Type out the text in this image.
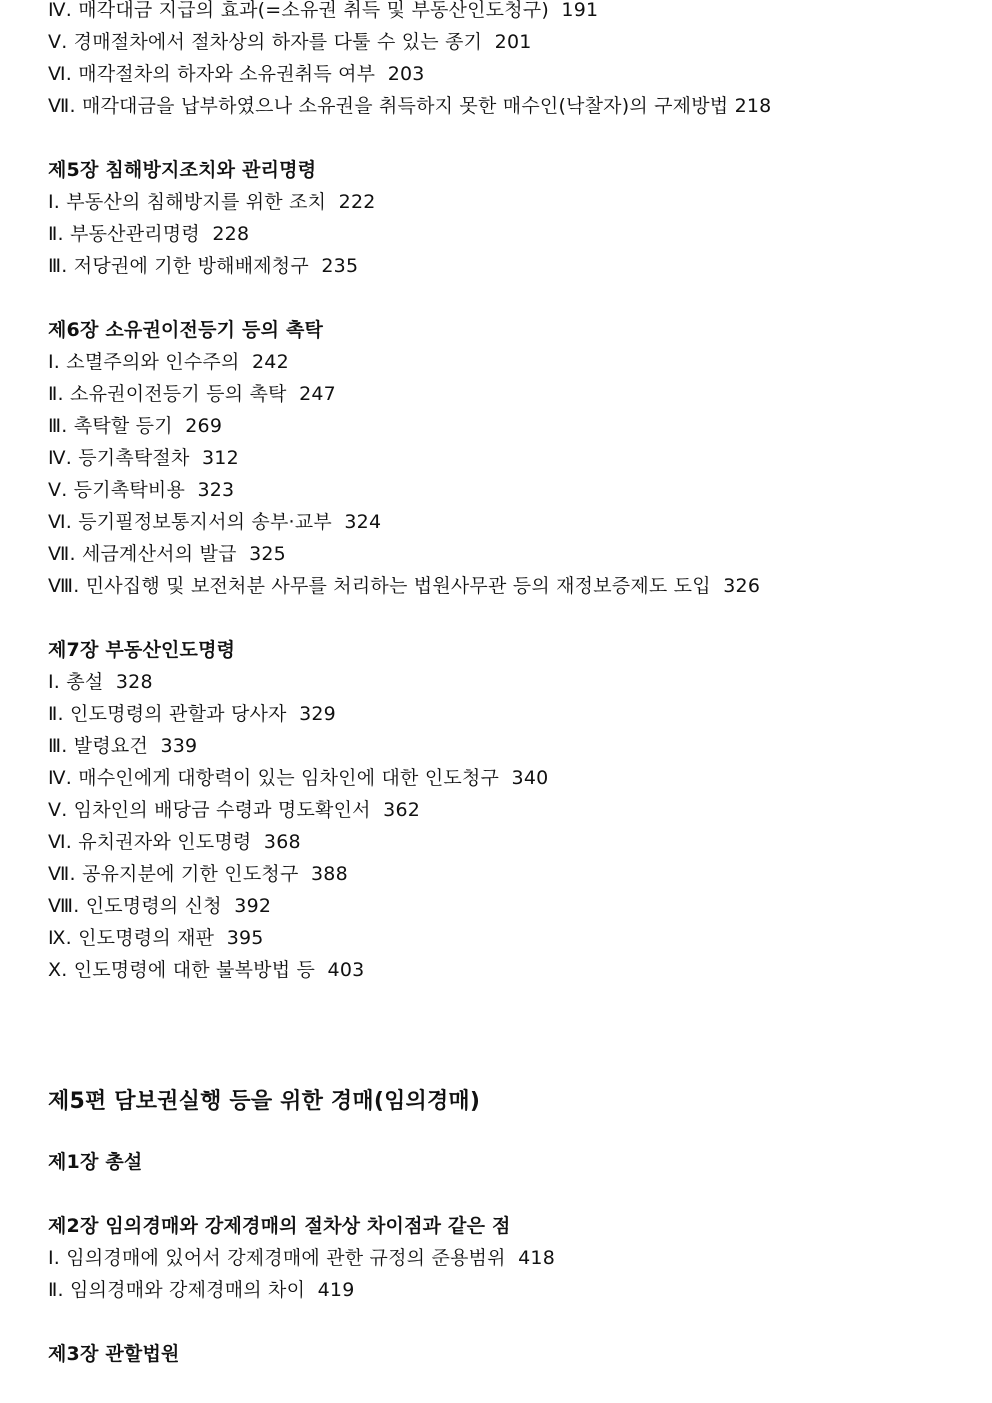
Ⅳ. 매각대금 지급의 효과(=소유권 취득 및 부동산인도청구)  191
Ⅴ. 경매절차에서 절차상의 하자를 다툴 수 있는 종기  201
Ⅵ. 매각절차의 하자와 소유권취득 여부  203
Ⅶ. 매각대금을 납부하였으나 소유권을 취득하지 못한 매수인(낙찰자)의 구제방법 218
제5장 침해방지조치와 관리명령
Ⅰ. 부동산의 침해방지를 위한 조치  222
Ⅱ. 부동산관리명령  228
Ⅲ. 저당권에 기한 방해배제청구  235
제6장 소유권이전등기 등의 촉탁
Ⅰ. 소멸주의와 인수주의  242
Ⅱ. 소유권이전등기 등의 촉탁  247
Ⅲ. 촉탁할 등기  269
Ⅳ. 등기촉탁절차  312
Ⅴ. 등기촉탁비용  323
Ⅵ. 등기필정보통지서의 송부·교부  324
Ⅶ. 세금계산서의 발급  325
Ⅷ. 민사집행 및 보전처분 사무를 처리하는 법원사무관 등의 재정보증제도 도입  326
제7장 부동산인도명령
Ⅰ. 총설  328
Ⅱ. 인도명령의 관할과 당사자  329
Ⅲ. 발령요건  339
Ⅳ. 매수인에게 대항력이 있는 임차인에 대한 인도청구  340
Ⅴ. 임차인의 배당금 수령과 명도확인서  362
Ⅵ. 유치권자와 인도명령  368
Ⅶ. 공유지분에 기한 인도청구  388
Ⅷ. 인도명령의 신청  392
Ⅸ. 인도명령의 재판  395
Ⅹ. 인도명령에 대한 불복방법 등  403
제5편 담보권실행 등을 위한 경매(임의경매)
제1장 총설
제2장 임의경매와 강제경매의 절차상 차이점과 같은 점
Ⅰ. 임의경매에 있어서 강제경매에 관한 규정의 준용범위  418
Ⅱ. 임의경매와 강제경매의 차이  419
제3장 관할법원
